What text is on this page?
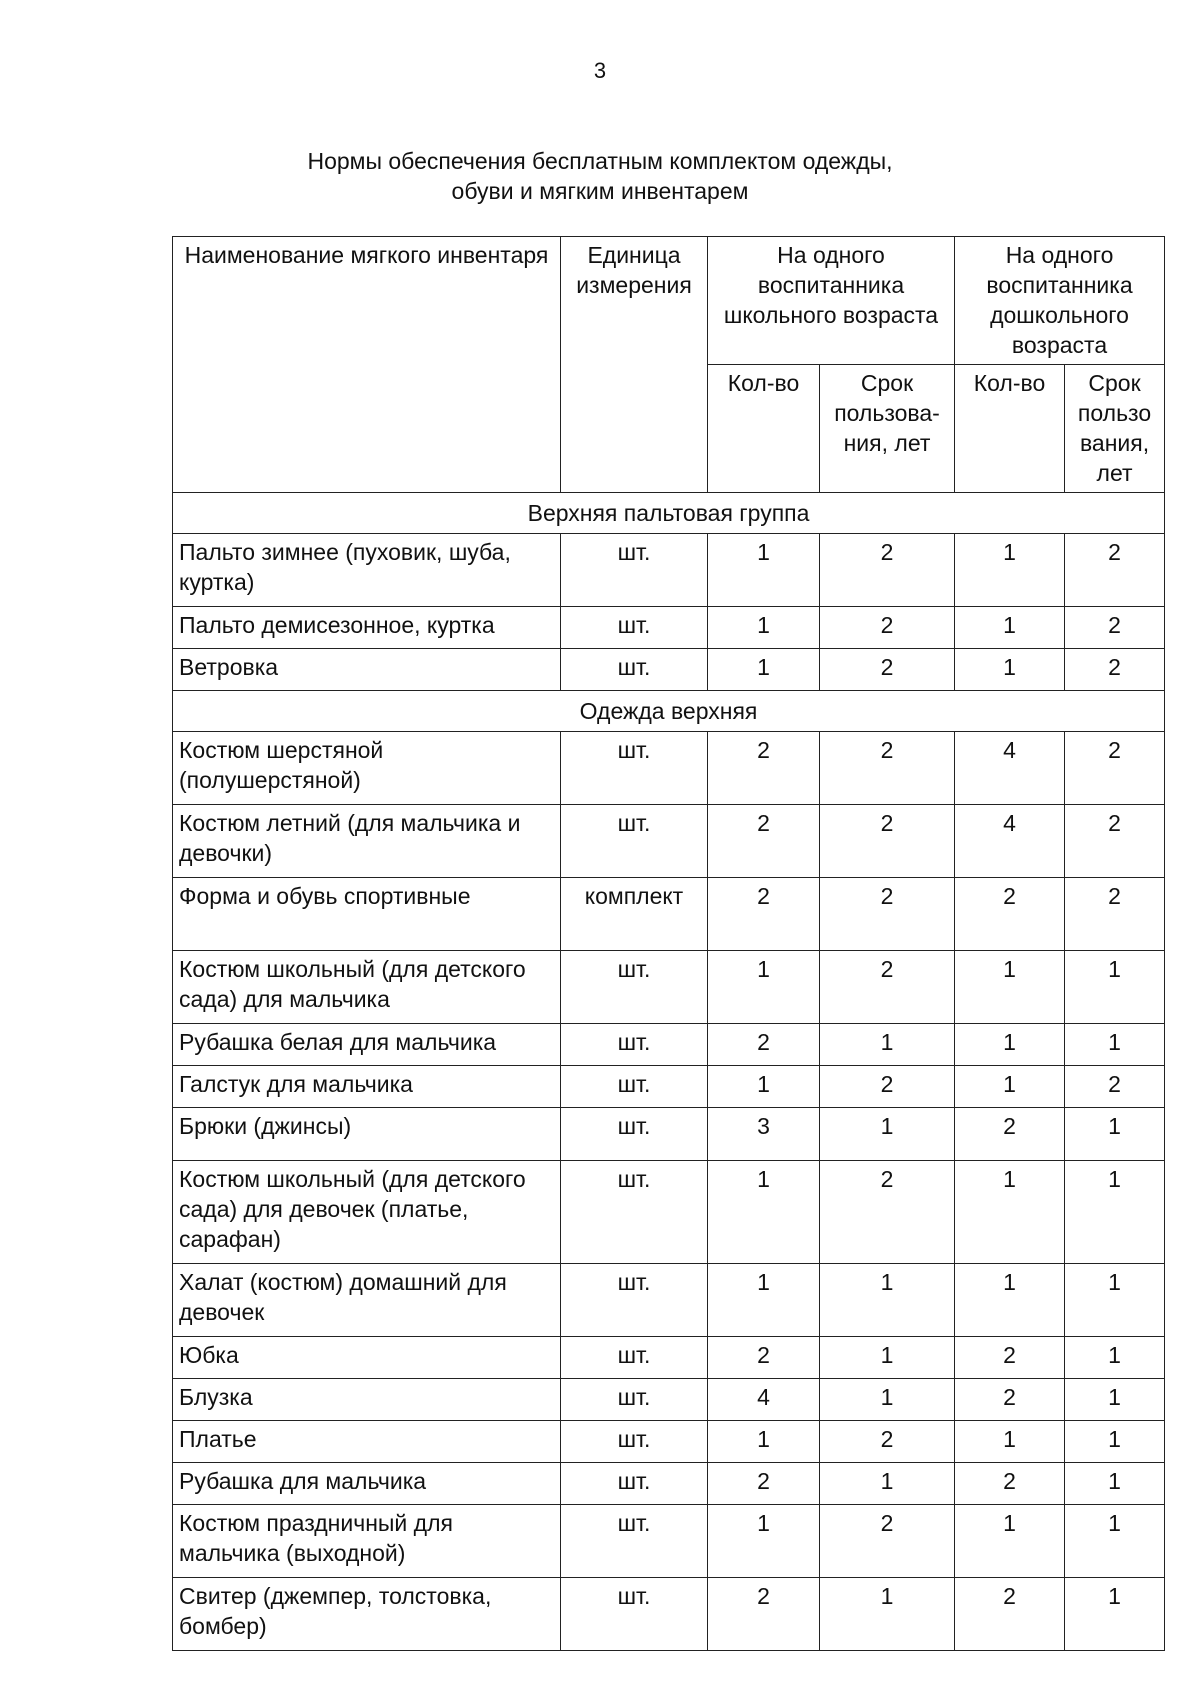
3
Нормы обеспечения бесплатным комплектом одежды,
обуви и мягким инвентарем
Наименование мягкого инвентаря	Единица измерения	На одного воспитанника школьного возраста		На одного воспитанника дошкольного возраста	
		Кол-во	Срок пользова-ния, лет	Кол-во	Срок пользо вания, лет
Верхняя пальтовая группа					
Пальто зимнее (пуховик, шуба, куртка)	шт.	1	2	1	2
Пальто демисезонное, куртка	шт.	1	2	1	2
Ветровка	шт.	1	2	1	2
Одежда верхняя					
Костюм шерстяной (полушерстяной)	шт.	2	2	4	2
Костюм летний (для мальчика и девочки)	шт.	2	2	4	2
Форма и обувь спортивные	комплект	2	2	2	2
Костюм школьный (для детского сада) для мальчика	шт.	1	2	1	1
Рубашка белая для мальчика	шт.	2	1	1	1
Галстук для мальчика	шт.	1	2	1	2
Брюки (джинсы)	шт.	3	1	2	1
Костюм школьный (для детского сада) для девочек (платье, сарафан)	шт.	1	2	1	1
Халат (костюм) домашний для девочек	шт.	1	1	1	1
Юбка	шт.	2	1	2	1
Блузка	шт.	4	1	2	1
Платье	шт.	1	2	1	1
Рубашка для мальчика	шт.	2	1	2	1
Костюм праздничный для мальчика (выходной)	шт.	1	2	1	1
Свитер (джемпер, толстовка, бомбер)	шт.	2	1	2	1
